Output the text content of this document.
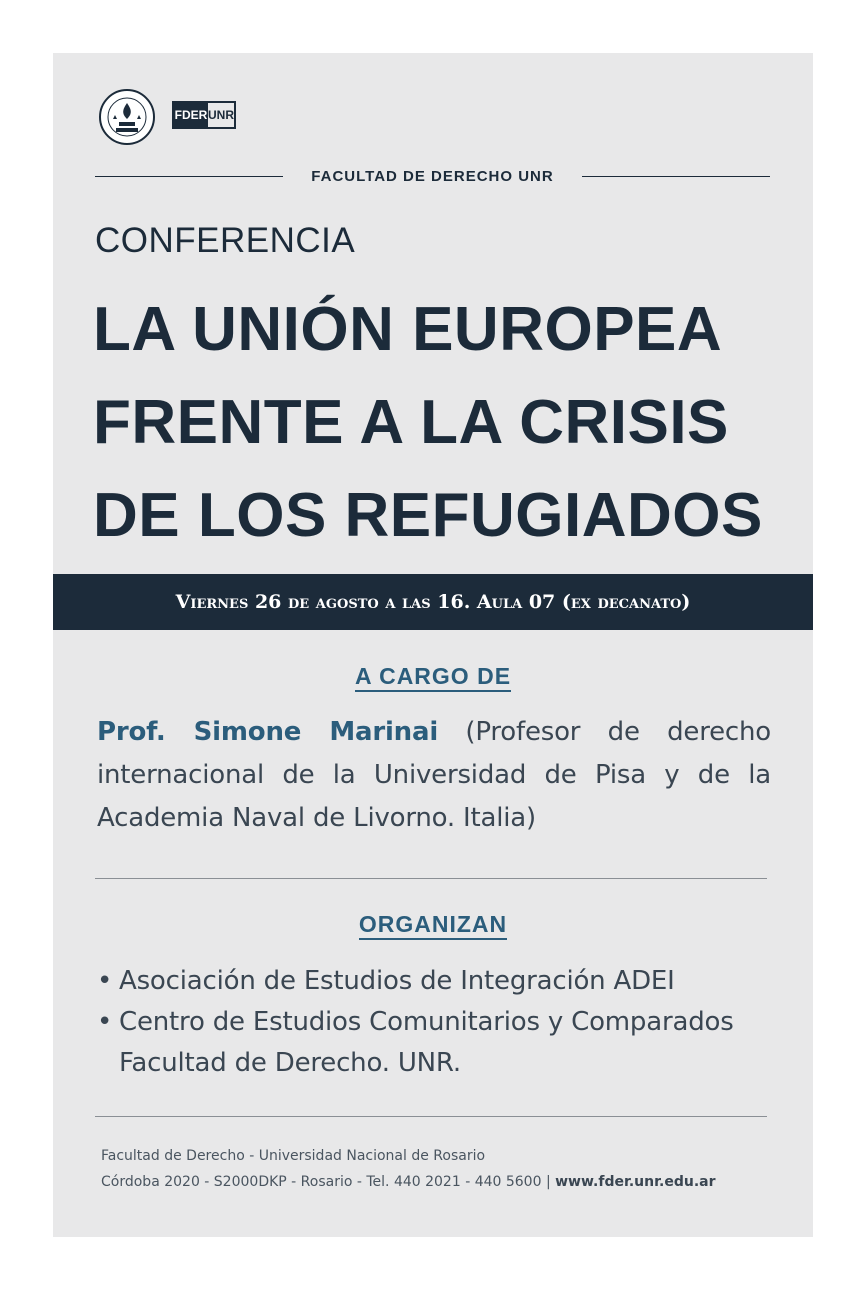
FDER UNR
FACULTAD DE DERECHO UNR
CONFERENCIA
LA UNIÓN EUROPEA
FRENTE A LA CRISIS
DE LOS REFUGIADOS
Viernes 26 de agosto a las 16. Aula 07 (ex decanato)
A CARGO DE
Prof. Simone Marinai (Profesor de derecho internacional de la Universidad de Pisa y de la Academia Naval de Livorno. Italia)
ORGANIZAN
• Asociación de Estudios de Integración ADEI
• Centro de Estudios Comunitarios y Comparados Facultad de Derecho. UNR.
Facultad de Derecho - Universidad Nacional de Rosario
Córdoba 2020 - S2000DKP - Rosario - Tel. 440 2021 - 440 5600 | www.fder.unr.edu.ar
